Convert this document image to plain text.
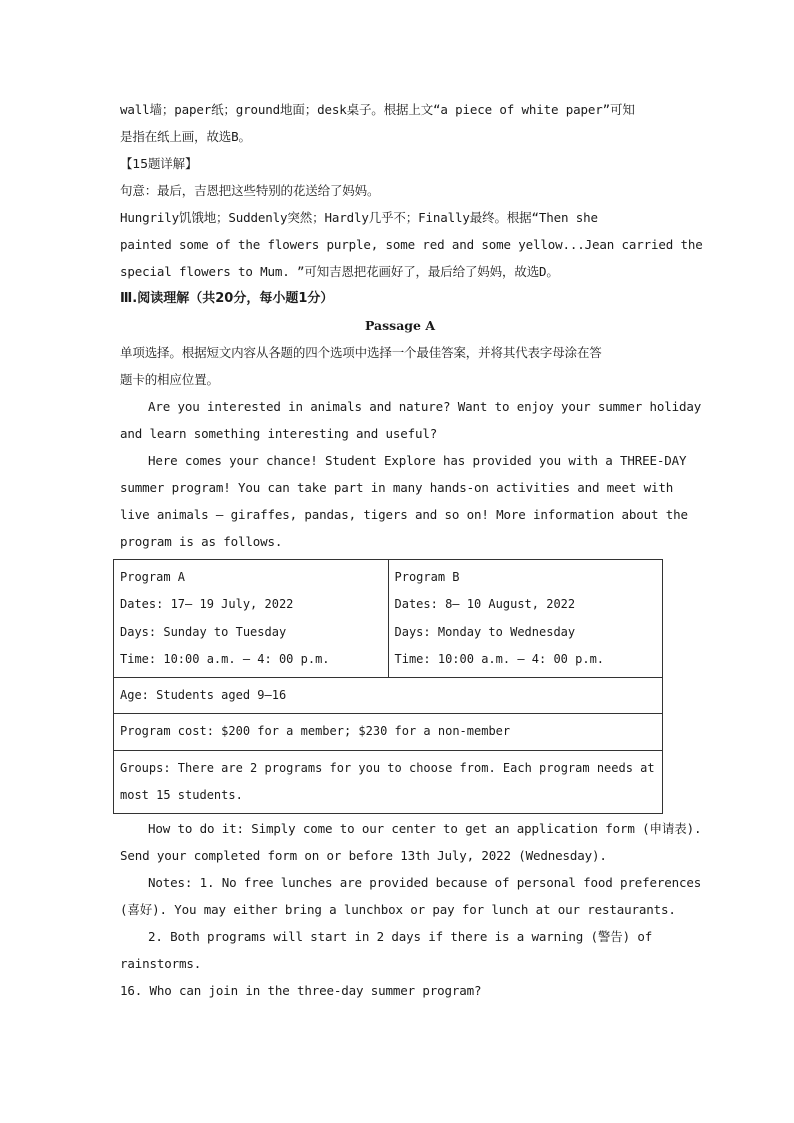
wall墙；paper纸；ground地面；desk桌子。根据上文“a piece of white paper”可知
是指在纸上画，故选B。
【15题详解】
句意：最后，吉恩把这些特别的花送给了妈妈。
Hungrily饥饿地；Suddenly突然；Hardly几乎不；Finally最终。根据“Then she
painted some of the flowers purple, some red and some yellow...Jean carried the
special flowers to Mum. ”可知吉恩把花画好了，最后给了妈妈，故选D。
Ⅲ.阅读理解（共20分，每小题1分）
Passage A
单项选择。根据短文内容从各题的四个选项中选择一个最佳答案，并将其代表字母涂在答
题卡的相应位置。
Are you interested in animals and nature? Want to enjoy your summer holiday
and learn something interesting and useful?
Here comes your chance! Student Explore has provided you with a THREE-DAY
summer program! You can take part in many hands-on activities and meet with
live animals — giraffes, pandas, tigers and so on! More information about the
program is as follows.
Program A
Dates: 17— 19 July, 2022
Days: Sunday to Tuesday
Time: 10:00 a.m. — 4: 00 p.m.

Program B
Dates: 8— 10 August, 2022
Days: Monday to Wednesday
Time: 10:00 a.m. — 4: 00 p.m.

Age: Students aged 9—16

Program cost: $200 for a member; $230 for a non-member

Groups: There are 2 programs for you to choose from. Each program needs at
most 15 students.
How to do it: Simply come to our center to get an application form (申请表).
Send your completed form on or before 13th July, 2022 (Wednesday).
Notes: 1. No free lunches are provided because of personal food preferences
(喜好). You may either bring a lunchbox or pay for lunch at our restaurants.
2. Both programs will start in 2 days if there is a warning (警告) of
rainstorms.
16. Who can join in the three-day summer program?
